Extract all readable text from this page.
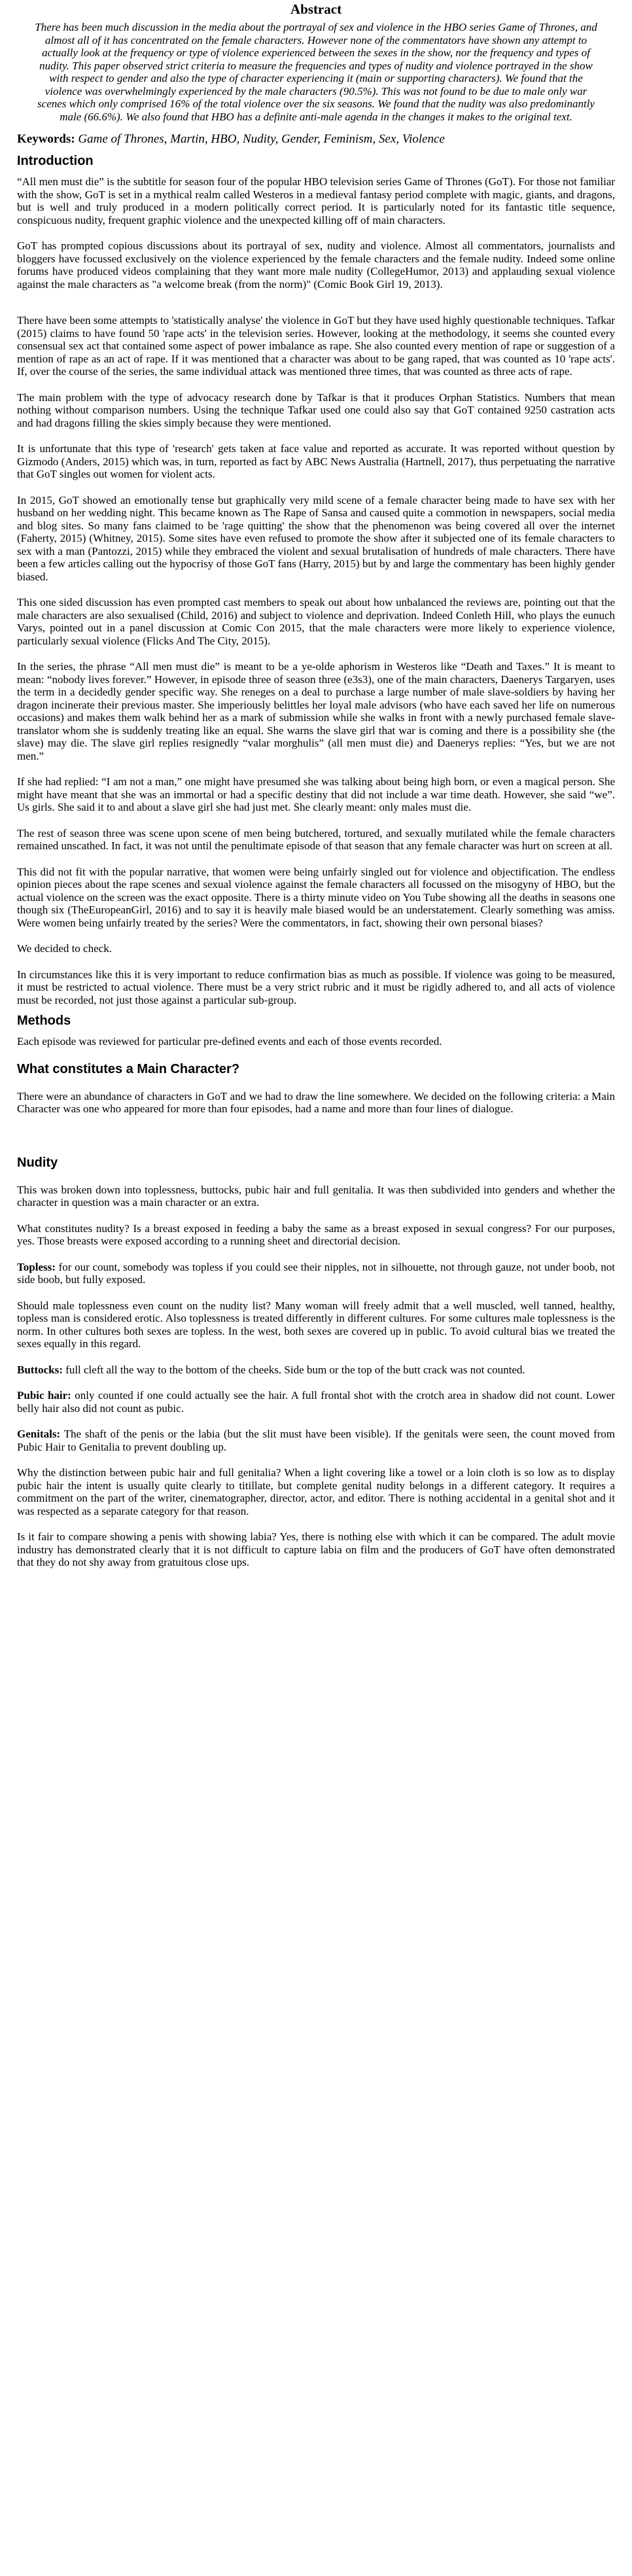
Abstract

There has been much discussion in the media about the portrayal of sex and violence in the HBO series Game of Thrones, and almost all of it has concentrated on the female characters. However none of the commentators have shown any attempt to actually look at the frequency or type of violence experienced between the sexes in the show, nor the frequency and types of nudity. This paper observed strict criteria to measure the frequencies and types of nudity and violence portrayed in the show with respect to gender and also the type of character experiencing it (main or supporting characters). We found that the violence was overwhelmingly experienced by the male characters (90.5%). This was not found to be due to male only war scenes which only comprised 16% of the total violence over the six seasons. We found that the nudity was also predominantly male (66.6%). We also found that HBO has a definite anti-male agenda in the changes it makes to the original text.

Keywords: Game of Thrones, Martin, HBO, Nudity, Gender, Feminism, Sex, Violence
Introduction

“All men must die” is the subtitle for season four of the popular HBO television series Game of Thrones (GoT). For those not familiar with the show, GoT is set in a mythical realm called Westeros in a medieval fantasy period complete with magic, giants, and dragons, but is well and truly produced in a modern politically correct period. It is particularly noted for its fantastic title sequence, conspicuous nudity, frequent graphic violence and the unexpected killing off of main characters.

GoT has prompted copious discussions about its portrayal of sex, nudity and violence. Almost all commentators, journalists and bloggers have focussed exclusively on the violence experienced by the female characters and the female nudity. Indeed some online forums have produced videos complaining that they want more male nudity (CollegeHumor, 2013) and applauding sexual violence against the male characters as "a welcome break (from the norm)" (Comic Book Girl 19, 2013).

There have been some attempts to 'statistically analyse' the violence in GoT but they have used highly questionable techniques. Tafkar (2015) claims to have found 50 'rape acts' in the television series. However, looking at the methodology, it seems she counted every consensual sex act that contained some aspect of power imbalance as rape. She also counted every mention of rape or suggestion of a mention of rape as an act of rape. If it was mentioned that a character was about to be gang raped, that was counted as 10 'rape acts'. If, over the course of the series, the same individual attack was mentioned three times, that was counted as three acts of rape.

The main problem with the type of advocacy research done by Tafkar is that it produces Orphan Statistics. Numbers that mean nothing without comparison numbers. Using the technique Tafkar used one could also say that GoT contained 9250 castration acts and had dragons filling the skies simply because they were mentioned.

It is unfortunate that this type of 'research' gets taken at face value and reported as accurate. It was reported without question by Gizmodo (Anders, 2015) which was, in turn, reported as fact by ABC News Australia (Hartnell, 2017), thus perpetuating the narrative that GoT singles out women for violent acts.

In 2015, GoT showed an emotionally tense but graphically very mild scene of a female character being made to have sex with her husband on her wedding night. This became known as The Rape of Sansa and caused quite a commotion in newspapers, social media and blog sites. So many fans claimed to be 'rage quitting' the show that the phenomenon was being covered all over the internet (Faherty, 2015) (Whitney, 2015). Some sites have even refused to promote the show after it subjected one of its female characters to sex with a man (Pantozzi, 2015) while they embraced the violent and sexual brutalisation of hundreds of male characters. There have been a few articles calling out the hypocrisy of those GoT fans (Harry, 2015) but by and large the commentary has been highly gender biased.

This one sided discussion has even prompted cast members to speak out about how unbalanced the reviews are, pointing out that the male characters are also sexualised (Child, 2016) and subject to violence and deprivation. Indeed Conleth Hill, who plays the eunuch Varys, pointed out in a panel discussion at Comic Con 2015, that the male characters were more likely to experience violence, particularly sexual violence (Flicks And The City, 2015).

In the series, the phrase “All men must die” is meant to be a ye-olde aphorism in Westeros like “Death and Taxes.” It is meant to mean: “nobody lives forever.” However, in episode three of season three (e3s3), one of the main characters, Daenerys Targaryen, uses the term in a decidedly gender specific way. She reneges on a deal to purchase a large number of male slave-soldiers by having her dragon incinerate their previous master. She imperiously belittles her loyal male advisors (who have each saved her life on numerous occasions) and makes them walk behind her as a mark of submission while she walks in front with a newly purchased female slave-translator whom she is suddenly treating like an equal. She warns the slave girl that war is coming and there is a possibility she (the slave) may die. The slave girl replies resignedly “valar morghulis” (all men must die) and Daenerys replies: “Yes, but we are not men.”

If she had replied: “I am not a man,” one might have presumed she was talking about being high born, or even a magical person. She might have meant that she was an immortal or had a specific destiny that did not include a war time death. However, she said “we”. Us girls. She said it to and about a slave girl she had just met. She clearly meant: only males must die.

The rest of season three was scene upon scene of men being butchered, tortured, and sexually mutilated while the female characters remained unscathed. In fact, it was not until the penultimate episode of that season that any female character was hurt on screen at all.

This did not fit with the popular narrative, that women were being unfairly singled out for violence and objectification. The endless opinion pieces about the rape scenes and sexual violence against the female characters all focussed on the misogyny of HBO, but the actual violence on the screen was the exact opposite. There is a thirty minute video on You Tube showing all the deaths in seasons one though six (TheEuropeanGirl, 2016) and to say it is heavily male biased would be an understatement. Clearly something was amiss. Were women being unfairly treated by the series? Were the commentators, in fact, showing their own personal biases?

We decided to check.

In circumstances like this it is very important to reduce confirmation bias as much as possible. If violence was going to be measured, it must be restricted to actual violence. There must be a very strict rubric and it must be rigidly adhered to, and all acts of violence must be recorded, not just those against a particular sub-group.

Methods

Each episode was reviewed for particular pre-defined events and each of those events recorded.

What constitutes a Main Character?

There were an abundance of characters in GoT and we had to draw the line somewhere. We decided on the following criteria: a Main Character was one who appeared for more than four episodes, had a name and more than four lines of dialogue.

Nudity

This was broken down into toplessness, buttocks, pubic hair and full genitalia. It was then subdivided into genders and whether the character in question was a main character or an extra.

What constitutes nudity? Is a breast exposed in feeding a baby the same as a breast exposed in sexual congress? For our purposes, yes. Those breasts were exposed according to a running sheet and directorial decision.

Topless: for our count, somebody was topless if you could see their nipples, not in silhouette, not through gauze, not under boob, not side boob, but fully exposed.

Should male toplessness even count on the nudity list? Many woman will freely admit that a well muscled, well tanned, healthy, topless man is considered erotic. Also toplessness is treated differently in different cultures. For some cultures male toplessness is the norm. In other cultures both sexes are topless. In the west, both sexes are covered up in public. To avoid cultural bias we treated the sexes equally in this regard.

Buttocks: full cleft all the way to the bottom of the cheeks. Side bum or the top of the butt crack was not counted.

Pubic hair: only counted if one could actually see the hair. A full frontal shot with the crotch area in shadow did not count. Lower belly hair also did not count as pubic.

Genitals: The shaft of the penis or the labia (but the slit must have been visible). If the genitals were seen, the count moved from Pubic Hair to Genitalia to prevent doubling up.

Why the distinction between pubic hair and full genitalia? When a light covering like a towel or a loin cloth is so low as to display pubic hair the intent is usually quite clearly to titillate, but complete genital nudity belongs in a different category. It requires a commitment on the part of the writer, cinematographer, director, actor, and editor. There is nothing accidental in a genital shot and it was respected as a separate category for that reason.

Is it fair to compare showing a penis with showing labia? Yes, there is nothing else with which it can be compared. The adult movie industry has demonstrated clearly that it is not difficult to capture labia on film and the producers of GoT have often demonstrated that they do not shy away from gratuitous close ups.
